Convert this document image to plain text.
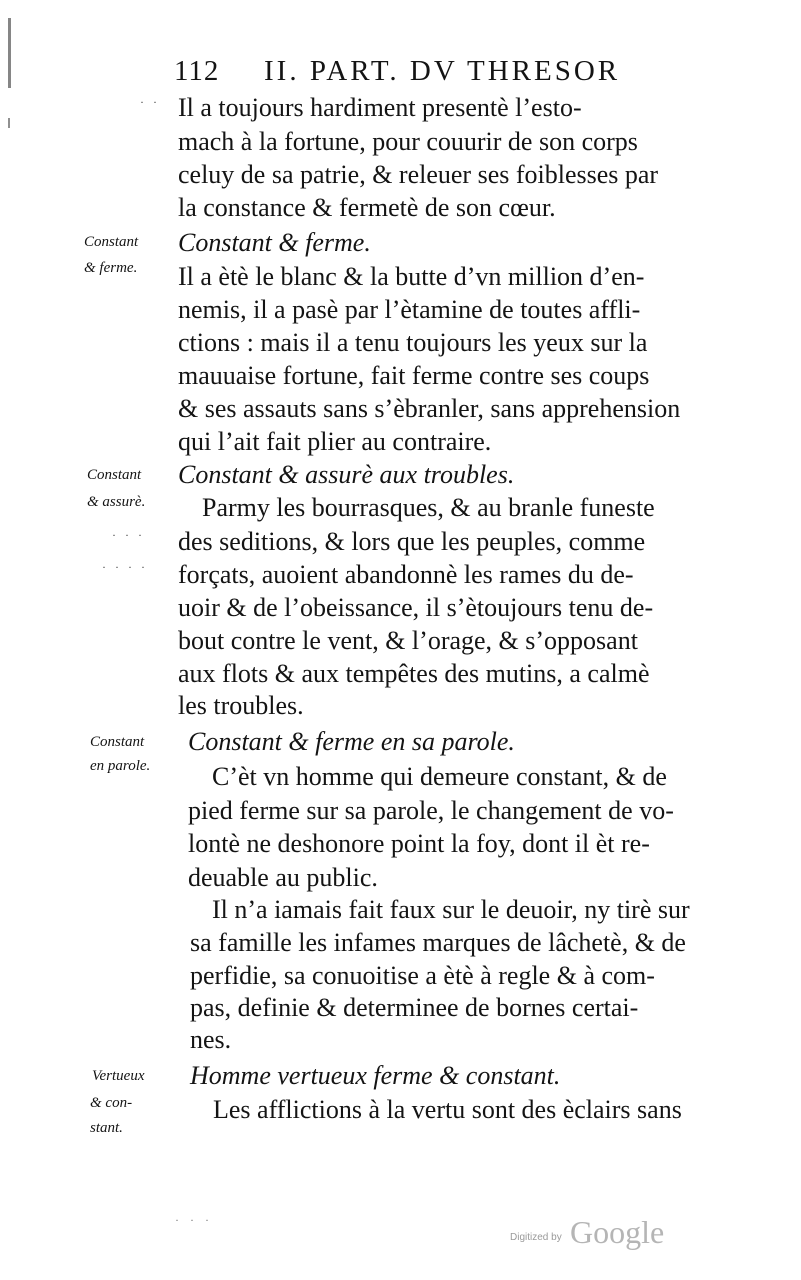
112 II. PART. DV THRESOR
Il a toujours hardiment presentè l’esto-
mach à la fortune, pour couurir de son corps
celuy de sa patrie, & releuer ses foiblesses par
la constance & fermetè de son cœur.
Constant & ferme.
Il a ètè le blanc & la butte d’vn million d’en-
nemis, il a pasè par l’ètamine de toutes affli-
ctions : mais il a tenu toujours les yeux sur la
mauuaise fortune, fait ferme contre ses coups
& ses assauts sans s’èbranler, sans apprehension
qui l’ait fait plier au contraire.
Constant & assurè aux troubles.
Parmy les bourrasques, & au branle funeste
des seditions, & lors que les peuples, comme
forçats, auoient abandonnè les rames du de-
uoir & de l’obeissance, il s’ètoujours tenu de-
bout contre le vent, & l’orage, & s’opposant
aux flots & aux tempêtes des mutins, a calmè
les troubles.
Constant & ferme en sa parole.
C’èt vn homme qui demeure constant, & de
pied ferme sur sa parole, le changement de vo-
lontè ne deshonore point la foy, dont il èt re-
deuable au public.
Il n’a iamais fait faux sur le deuoir, ny tirè sur
sa famille les infames marques de lâchetè, & de
perfidie, sa conuoitise a ètè à regle & à com-
pas, definie & determinee de bornes certai-
nes.
Homme vertueux ferme & constant.
Les afflictions à la vertu sont des èclairs sans
Constant
& ferme.
Constant
& assurè.
Constant
en parole.
Vertueux
& con-
stant.
· · ·
· · · ·
· ·
· · ·
Digitized by Google
